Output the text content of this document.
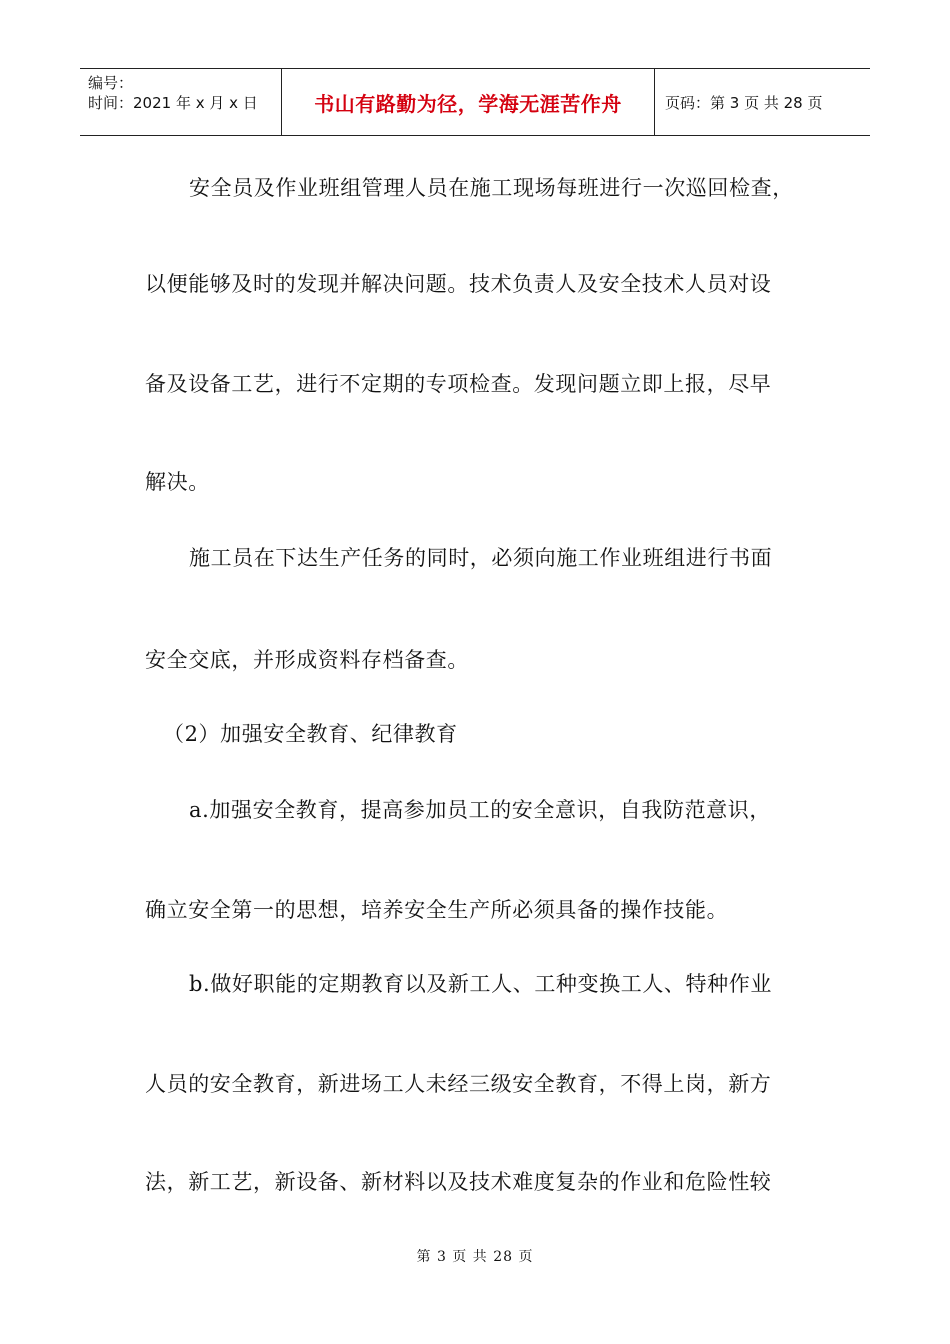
编号：
时间：2021 年 x 月 x 日	书山有路勤为径，学海无涯苦作舟	页码：第 3 页 共 28 页
安全员及作业班组管理人员在施工现场每班进行一次巡回检查，
以便能够及时的发现并解决问题。技术负责人及安全技术人员对设
备及设备工艺，进行不定期的专项检查。发现问题立即上报，尽早
解决。
施工员在下达生产任务的同时，必须向施工作业班组进行书面
安全交底，并形成资料存档备查。
（2）加强安全教育、纪律教育
a.加强安全教育，提高参加员工的安全意识，自我防范意识，
确立安全第一的思想，培养安全生产所必须具备的操作技能。
b.做好职能的定期教育以及新工人、工种变换工人、特种作业
人员的安全教育，新进场工人未经三级安全教育，不得上岗，新方
法，新工艺，新设备、新材料以及技术难度复杂的作业和危险性较
第 3 页 共 28 页
